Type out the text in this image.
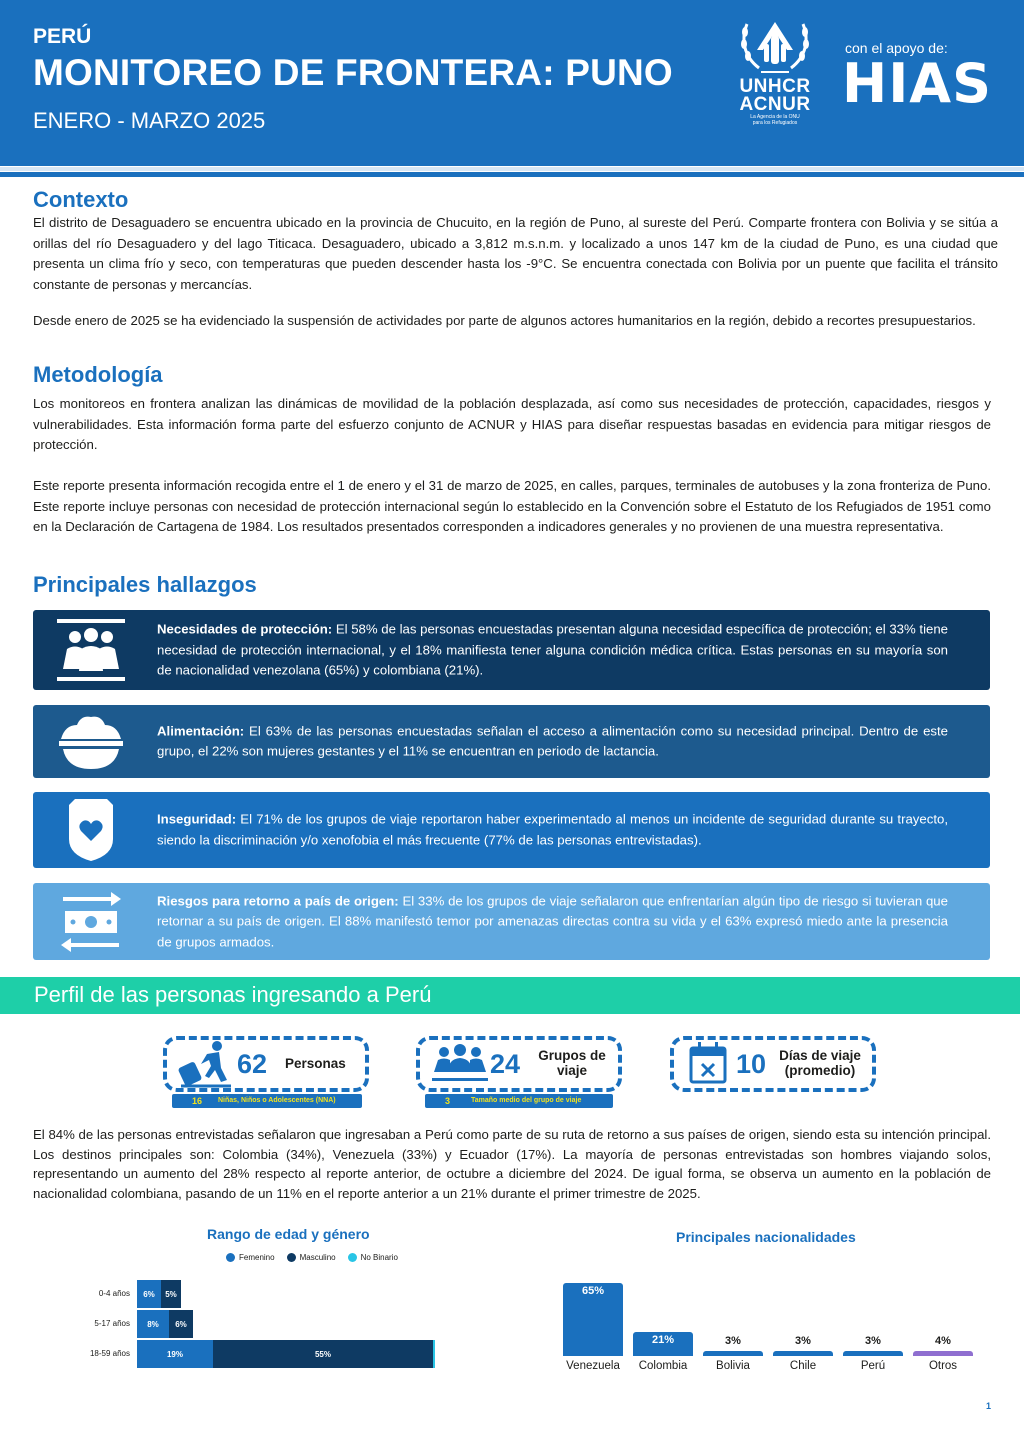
PERÚ
MONITOREO DE FRONTERA: PUNO
ENERO - MARZO 2025
UNHCR
ACNUR
La Agencia de la ONU
para los Refugiados
con el apoyo de:
HIAS
Contexto
El distrito de Desaguadero se encuentra ubicado en la provincia de Chucuito, en la región de Puno, al sureste del Perú. Comparte frontera con Bolivia y se sitúa a orillas del río Desaguadero y del lago Titicaca. Desaguadero, ubicado a 3,812 m.s.n.m. y localizado a unos 147 km de la ciudad de Puno, es una ciudad que presenta un clima frío y seco, con temperaturas que pueden descender hasta los -9°C. Se encuentra conectada con Bolivia por un puente que facilita el tránsito constante de personas y mercancías.
Desde enero de 2025 se ha evidenciado la suspensión de actividades por parte de algunos actores humanitarios en la región, debido a recortes presupuestarios.
Metodología
Los monitoreos en frontera analizan las dinámicas de movilidad de la población desplazada, así como sus necesidades de protección, capacidades, riesgos y vulnerabilidades. Esta información forma parte del esfuerzo conjunto de ACNUR y HIAS para diseñar respuestas basadas en evidencia para mitigar riesgos de protección.
Este reporte presenta información recogida entre el 1 de enero y el 31 de marzo de 2025, en calles, parques, terminales de autobuses y la zona fronteriza de Puno. Este reporte incluye personas con necesidad de protección internacional según lo establecido en la Convención sobre el Estatuto de los Refugiados de 1951 como en la Declaración de Cartagena de 1984. Los resultados presentados corresponden a indicadores generales y no provienen de una muestra representativa.
Principales hallazgos
Necesidades de protección: El 58% de las personas encuestadas presentan alguna necesidad específica de protección; el 33% tiene necesidad de protección internacional, y el 18% manifiesta tener alguna condición médica crítica. Estas personas en su mayoría son de nacionalidad venezolana (65%) y colombiana (21%).
Alimentación: El 63% de las personas encuestadas señalan el acceso a alimentación como su necesidad principal. Dentro de este grupo, el 22% son mujeres gestantes y el 11% se encuentran en periodo de lactancia.
Inseguridad: El 71% de los grupos de viaje reportaron haber experimentado al menos un incidente de seguridad durante su trayecto, siendo la discriminación y/o xenofobia el más frecuente (77% de las personas entrevistadas).
Riesgos para retorno a país de origen: El 33% de los grupos de viaje señalaron que enfrentarían algún tipo de riesgo si tuvieran que retornar a su país de origen. El 88% manifestó temor por amenazas directas contra su vida y el 63% expresó miedo ante la presencia de grupos armados.
Perfil de las personas ingresando a Perú
62 Personas
16 Niñas, Niños o Adolescentes (NNA)
24	Grupos de viaje
3	Tamaño medio del grupo de viaje
10 Días de viaje (promedio)
El 84% de las personas entrevistadas señalaron que ingresaban a Perú como parte de su ruta de retorno a sus países de origen, siendo esta su intención principal. Los destinos principales son: Colombia (34%), Venezuela (33%) y Ecuador (17%). La mayoría de personas entrevistadas son hombres viajando solos, representando un aumento del 28% respecto al reporte anterior, de octubre a diciembre del 2024. De igual forma, se observa un aumento en la población de nacionalidad colombiana, pasando de un 11% en el reporte anterior a un 21% durante el primer trimestre de 2025.
Rango de edad y género
Femenino	Masculino	No Binario
0-4 años	6%	5%
5-17 años	8%	6%
18-59 años	19%	55%
Principales nacionalidades
65%
Venezuela
21%
Colombia
3%
Bolivia
3%
Chile
3%
Perú
4%
Otros
1
